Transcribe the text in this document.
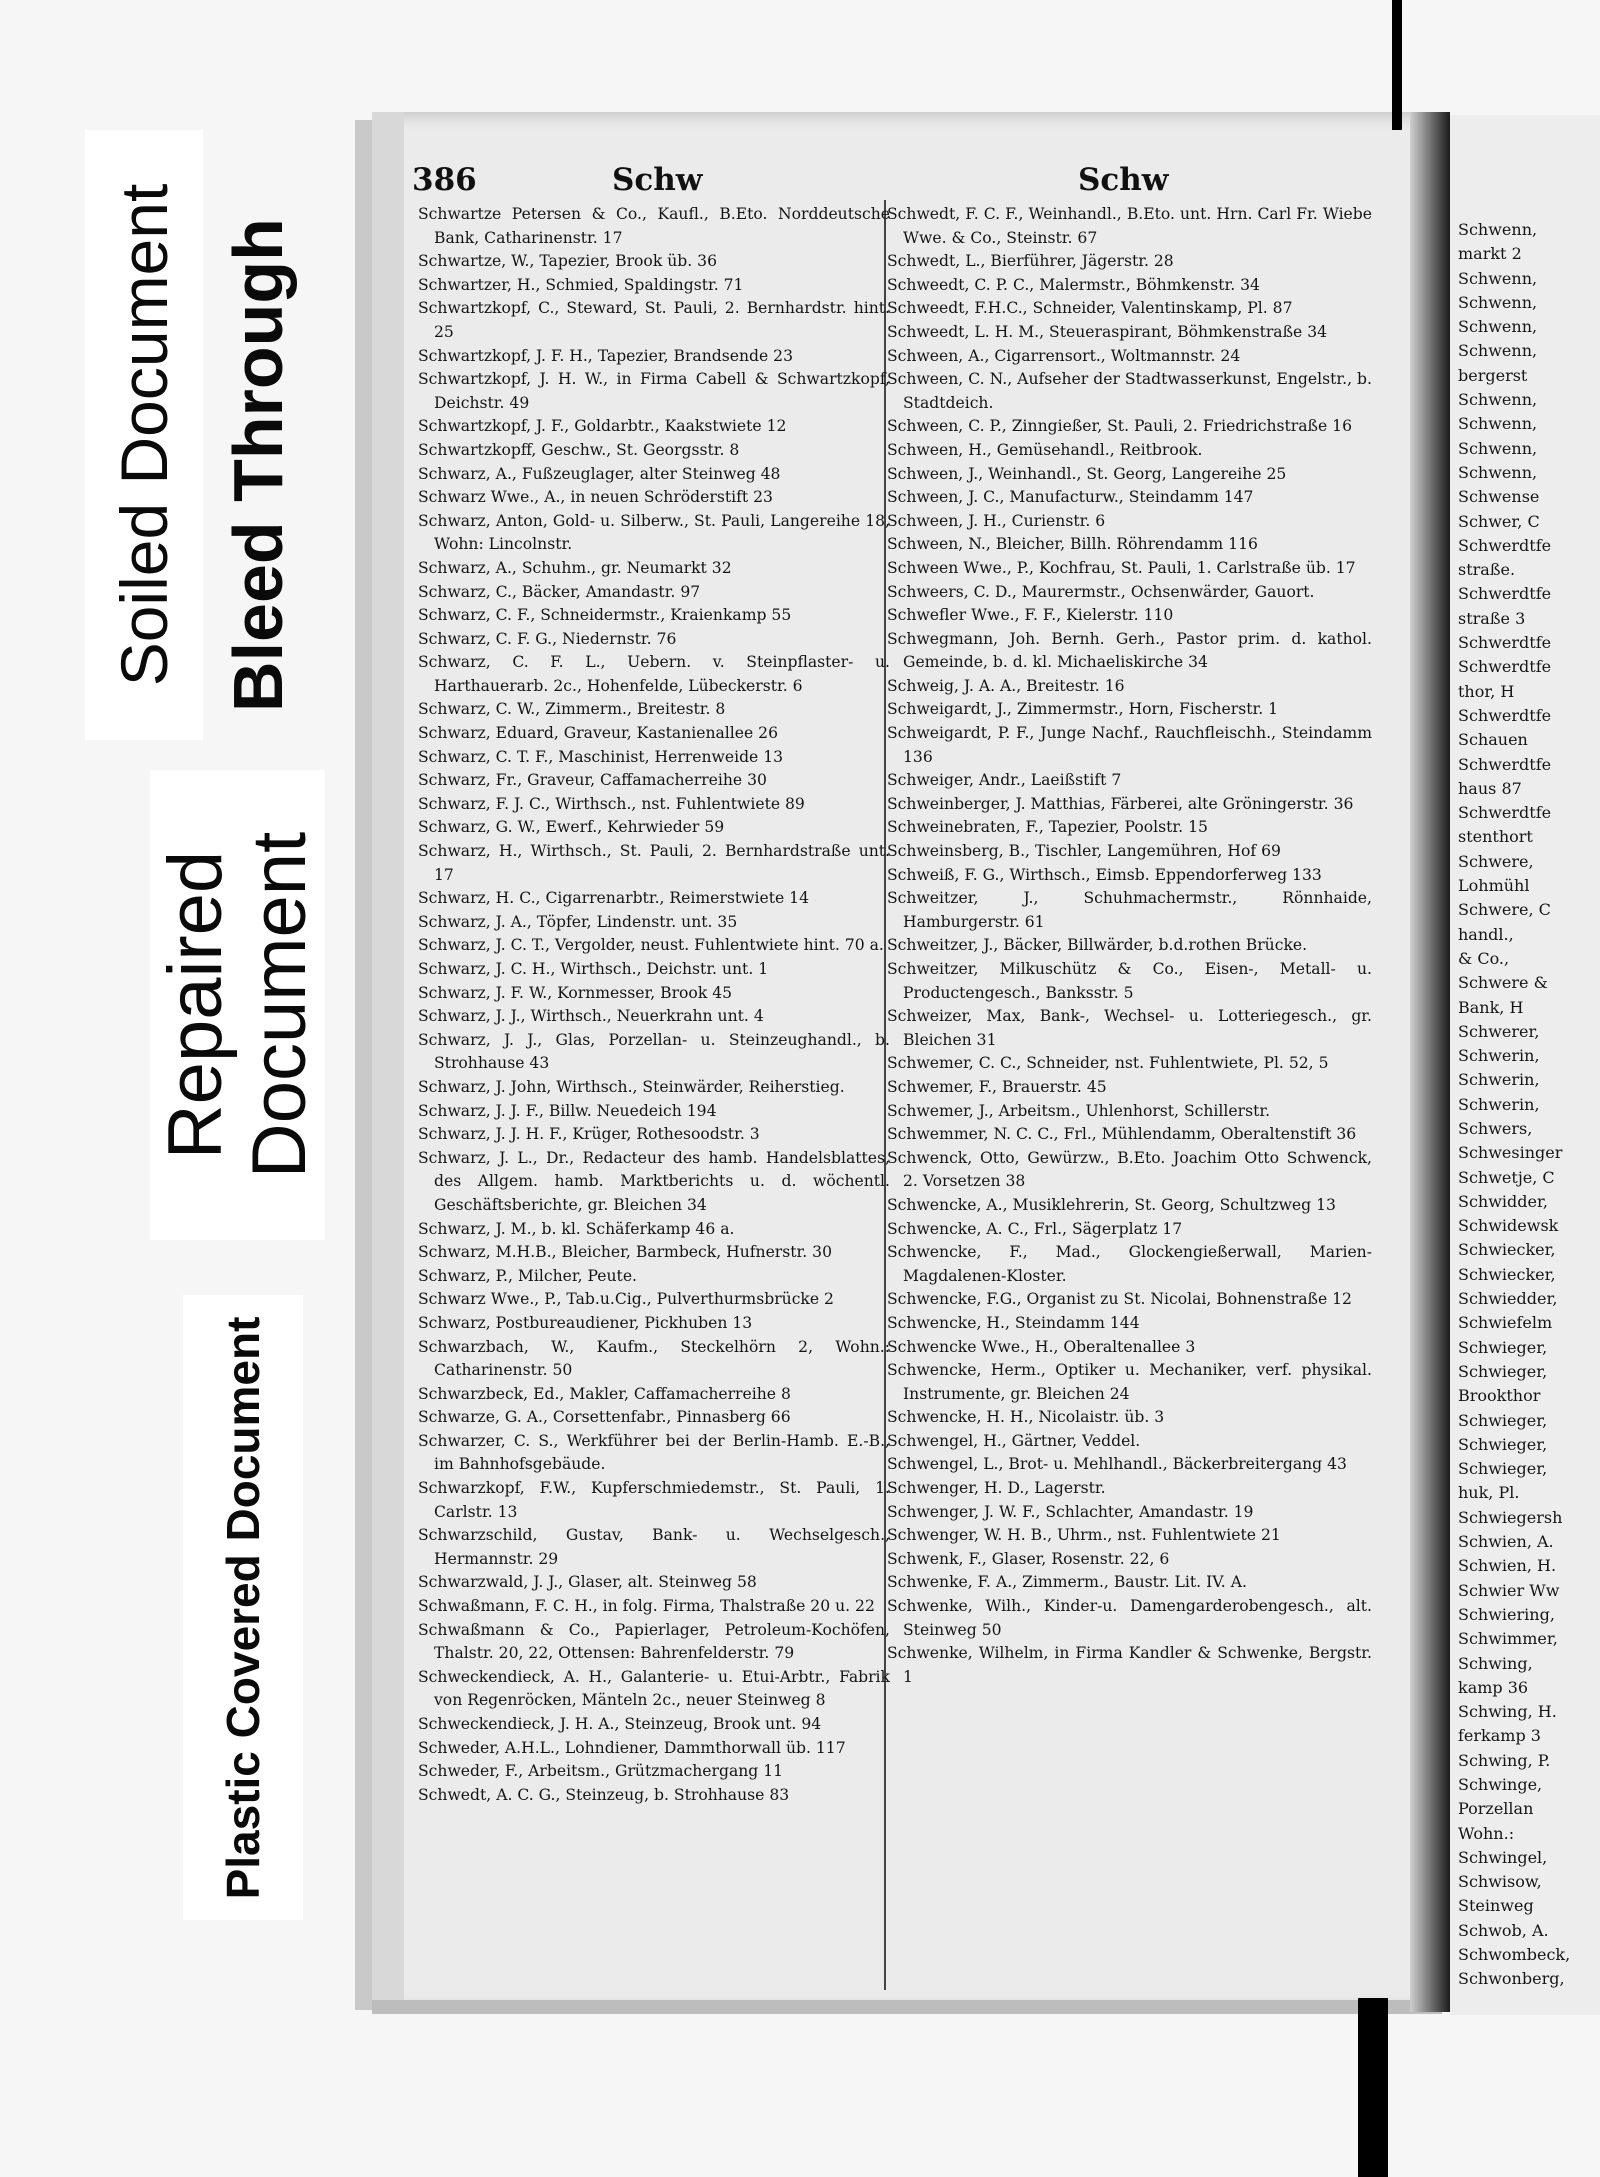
Soiled Document Bleed Through
Repaired Document
Plastic Covered Document
386	Schw	Schw

Schwartze Petersen & Co., Kaufl., B.Eto. Norddeutsche Bank, Catharinenstr. 17

Schwartze, W., Tapezier, Brook üb. 36

Schwartzer, H., Schmied, Spaldingstr. 71

Schwartzkopf, C., Steward, St. Pauli, 2. Bernhardstr. hint. 25

Schwartzkopf, J. F. H., Tapezier, Brandsende 23

Schwartzkopf, J. H. W., in Firma Cabell & Schwartzkopf, Deichstr. 49

Schwartzkopf, J. F., Goldarbtr., Kaakstwiete 12

Schwartzkopff, Geschw., St. Georgsstr. 8

Schwarz, A., Fußzeuglager, alter Steinweg 48

Schwarz Wwe., A., in neuen Schröderstift 23

Schwarz, Anton, Gold- u. Silberw., St. Pauli, Langereihe 18, Wohn: Lincolnstr.

Schwarz, A., Schuhm., gr. Neumarkt 32

Schwarz, C., Bäcker, Amandastr. 97

Schwarz, C. F., Schneidermstr., Kraienkamp 55

Schwarz, C. F. G., Niedernstr. 76

Schwarz, C. F. L., Uebern. v. Steinpflaster- u. Harthauerarb. 2c., Hohenfelde, Lübeckerstr. 6

Schwarz, C. W., Zimmerm., Breitestr. 8

Schwarz, Eduard, Graveur, Kastanienallee 26

Schwarz, C. T. F., Maschinist, Herrenweide 13

Schwarz, Fr., Graveur, Caffamacherreihe 30

Schwarz, F. J. C., Wirthsch., nst. Fuhlentwiete 89

Schwarz, G. W., Ewerf., Kehrwieder 59

Schwarz, H., Wirthsch., St. Pauli, 2. Bernhardstraße unt. 17

Schwarz, H. C., Cigarrenarbtr., Reimerstwiete 14

Schwarz, J. A., Töpfer, Lindenstr. unt. 35

Schwarz, J. C. T., Vergolder, neust. Fuhlentwiete hint. 70 a.

Schwarz, J. C. H., Wirthsch., Deichstr. unt. 1

Schwarz, J. F. W., Kornmesser, Brook 45

Schwarz, J. J., Wirthsch., Neuerkrahn unt. 4

Schwarz, J. J., Glas, Porzellan- u. Steinzeughandl., b. Strohhause 43

Schwarz, J. John, Wirthsch., Steinwärder, Reiherstieg.

Schwarz, J. J. F., Billw. Neuedeich 194

Schwarz, J. J. H. F., Krüger, Rothesoodstr. 3

Schwarz, J. L., Dr., Redacteur des hamb. Handelsblattes, des Allgem. hamb. Marktberichts u. d. wöchentl. Geschäftsberichte, gr. Bleichen 34

Schwarz, J. M., b. kl. Schäferkamp 46 a.

Schwarz, M.H.B., Bleicher, Barmbeck, Hufnerstr. 30

Schwarz, P., Milcher, Peute.

Schwarz Wwe., P., Tab.u.Cig., Pulverthurmsbrücke 2

Schwarz, Postbureaudiener, Pickhuben 13

Schwarzbach, W., Kaufm., Steckelhörn 2, Wohn.: Catharinenstr. 50

Schwarzbeck, Ed., Makler, Caffamacherreihe 8

Schwarze, G. A., Corsettenfabr., Pinnasberg 66

Schwarzer, C. S., Werkführer bei der Berlin-Hamb. E.-B., im Bahnhofsgebäude.

Schwarzkopf, F.W., Kupferschmiedemstr., St. Pauli, 1. Carlstr. 13

Schwarzschild, Gustav, Bank- u. Wechselgesch., Hermannstr. 29

Schwarzwald, J. J., Glaser, alt. Steinweg 58

Schwaßmann, F. C. H., in folg. Firma, Thalstraße 20 u. 22

Schwaßmann & Co., Papierlager, Petroleum-Kochöfen, Thalstr. 20, 22, Ottensen: Bahrenfelderstr. 79

Schweckendieck, A. H., Galanterie- u. Etui-Arbtr., Fabrik von Regenröcken, Mänteln 2c., neuer Steinweg 8

Schweckendieck, J. H. A., Steinzeug, Brook unt. 94

Schweder, A.H.L., Lohndiener, Dammthorwall üb. 117

Schweder, F., Arbeitsm., Grützmachergang 11

Schwedt, A. C. G., Steinzeug, b. Strohhause 83

Schwedt, F. C. F., Weinhandl., B.Eto. unt. Hrn. Carl Fr. Wiebe Wwe. & Co., Steinstr. 67

Schwedt, L., Bierführer, Jägerstr. 28

Schweedt, C. P. C., Malermstr., Böhmkenstr. 34

Schweedt, F.H.C., Schneider, Valentinskamp, Pl. 87

Schweedt, L. H. M., Steueraspirant, Böhmkenstraße 34

Schween, A., Cigarrensort., Woltmannstr. 24

Schween, C. N., Aufseher der Stadtwasserkunst, Engelstr., b. Stadtdeich.

Schween, C. P., Zinngießer, St. Pauli, 2. Friedrichstraße 16

Schween, H., Gemüsehandl., Reitbrook.

Schween, J., Weinhandl., St. Georg, Langereihe 25

Schween, J. C., Manufacturw., Steindamm 147

Schween, J. H., Curienstr. 6

Schween, N., Bleicher, Billh. Röhrendamm 116

Schween Wwe., P., Kochfrau, St. Pauli, 1. Carlstraße üb. 17

Schweers, C. D., Maurermstr., Ochsenwärder, Gauort.

Schwefler Wwe., F. F., Kielerstr. 110

Schwegmann, Joh. Bernh. Gerh., Pastor prim. d. kathol. Gemeinde, b. d. kl. Michaeliskirche 34

Schweig, J. A. A., Breitestr. 16

Schweigardt, J., Zimmermstr., Horn, Fischerstr. 1

Schweigardt, P. F., Junge Nachf., Rauchfleischh., Steindamm 136

Schweiger, Andr., Laeißstift 7

Schweinberger, J. Matthias, Färberei, alte Gröningerstr. 36

Schweinebraten, F., Tapezier, Poolstr. 15

Schweinsberg, B., Tischler, Langemühren, Hof 69

Schweiß, F. G., Wirthsch., Eimsb. Eppendorferweg 133

Schweitzer, J., Schuhmachermstr., Rönnhaide, Hamburgerstr. 61

Schweitzer, J., Bäcker, Billwärder, b.d.rothen Brücke.

Schweitzer, Milkuschütz & Co., Eisen-, Metall- u. Productengesch., Banksstr. 5

Schweizer, Max, Bank-, Wechsel- u. Lotteriegesch., gr. Bleichen 31

Schwemer, C. C., Schneider, nst. Fuhlentwiete, Pl. 52, 5

Schwemer, F., Brauerstr. 45

Schwemer, J., Arbeitsm., Uhlenhorst, Schillerstr.

Schwemmer, N. C. C., Frl., Mühlendamm, Oberaltenstift 36

Schwenck, Otto, Gewürzw., B.Eto. Joachim Otto Schwenck, 2. Vorsetzen 38

Schwencke, A., Musiklehrerin, St. Georg, Schultzweg 13

Schwencke, A. C., Frl., Sägerplatz 17

Schwencke, F., Mad., Glockengießerwall, Marien-Magdalenen-Kloster.

Schwencke, F.G., Organist zu St. Nicolai, Bohnenstraße 12

Schwencke, H., Steindamm 144

Schwencke Wwe., H., Oberaltenallee 3

Schwencke, Herm., Optiker u. Mechaniker, verf. physikal. Instrumente, gr. Bleichen 24

Schwencke, H. H., Nicolaistr. üb. 3

Schwengel, H., Gärtner, Veddel.

Schwengel, L., Brot- u. Mehlhandl., Bäckerbreitergang 43

Schwenger, H. D., Lagerstr.

Schwenger, J. W. F., Schlachter, Amandastr. 19

Schwenger, W. H. B., Uhrm., nst. Fuhlentwiete 21

Schwenk, F., Glaser, Rosenstr. 22, 6

Schwenke, F. A., Zimmerm., Baustr. Lit. IV. A.

Schwenke, Wilh., Kinder-u. Damengarderobengesch., alt. Steinweg 50

Schwenke, Wilhelm, in Firma Kandler & Schwenke, Bergstr. 1

Schwenn,

markt 2

Schwenn,

Schwenn,

Schwenn,

Schwenn,

bergerst

Schwenn,

Schwenn,

Schwenn,

Schwenn,

Schwense

Schwer, C

Schwerdtfe

straße.

Schwerdtfe

straße 3

Schwerdtfe

Schwerdtfe

thor, H

Schwerdtfe

Schauen

Schwerdtfe

haus 87

Schwerdtfe

stenthort

Schwere,

Lohmühl

Schwere, C

handl.,

& Co.,

Schwere &

Bank, H

Schwerer,

Schwerin,

Schwerin,

Schwerin,

Schwers,

Schwesinger

Schwetje, C

Schwidder,

Schwidewsk

Schwiecker,

Schwiecker,

Schwiedder,

Schwiefelm

Schwieger,

Schwieger,

Brookthor

Schwieger,

Schwieger,

Schwieger,

huk, Pl.

Schwiegersh

Schwien, A.

Schwien, H.

Schwier Ww

Schwiering,

Schwimmer,

Schwing,

kamp 36

Schwing, H.

ferkamp 3

Schwing, P.

Schwinge,

Porzellan

Wohn.:

Schwingel,

Schwisow,

Steinweg

Schwob, A.

Schwombeck,

Schwonberg,
